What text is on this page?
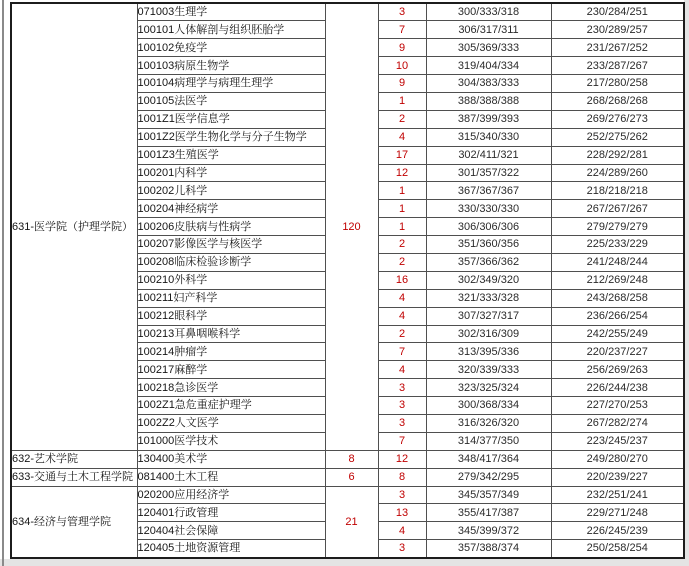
631-医学院（护理学院）	071003生理学	120	3	300/333/318	230/284/251
	100101人体解剖与组织胚胎学		7	306/317/311	230/289/257
	100102免疫学		9	305/369/333	231/267/252
	100103病原生物学		10	319/404/334	233/287/267
	100104病理学与病理生理学		9	304/383/333	217/280/258
	100105法医学		1	388/388/388	268/268/268
	1001Z1医学信息学		2	387/399/393	269/276/273
	1001Z2医学生物化学与分子生物学		4	315/340/330	252/275/262
	1001Z3生殖医学		17	302/411/321	228/292/281
	100201内科学		12	301/357/322	224/289/260
	100202儿科学		1	367/367/367	218/218/218
	100204神经病学		1	330/330/330	267/267/267
	100206皮肤病与性病学		1	306/306/306	279/279/279
	100207影像医学与核医学		2	351/360/356	225/233/229
	100208临床检验诊断学		2	357/366/362	241/248/244
	100210外科学		16	302/349/320	212/269/248
	100211妇产科学		4	321/333/328	243/268/258
	100212眼科学		4	307/327/317	236/266/254
	100213耳鼻咽喉科学		2	302/316/309	242/255/249
	100214肿瘤学		7	313/395/336	220/237/227
	100217麻醉学		4	320/339/333	256/269/263
	100218急诊医学		3	323/325/324	226/244/238
	1002Z1急危重症护理学		3	300/368/334	227/270/253
	1002Z2人文医学		3	316/326/320	267/282/274
	101000医学技术		7	314/377/350	223/245/237
632-艺术学院	130400美术学	8	12	348/417/364	249/280/270
633-交通与土木工程学院	081400土木工程	6	8	279/342/295	220/239/227
634-经济与管理学院	020200应用经济学	21	3	345/357/349	232/251/241
	120401行政管理		13	355/417/387	229/271/248
	120404社会保障		4	345/399/372	226/245/239
	120405土地资源管理		3	357/388/374	250/258/254
